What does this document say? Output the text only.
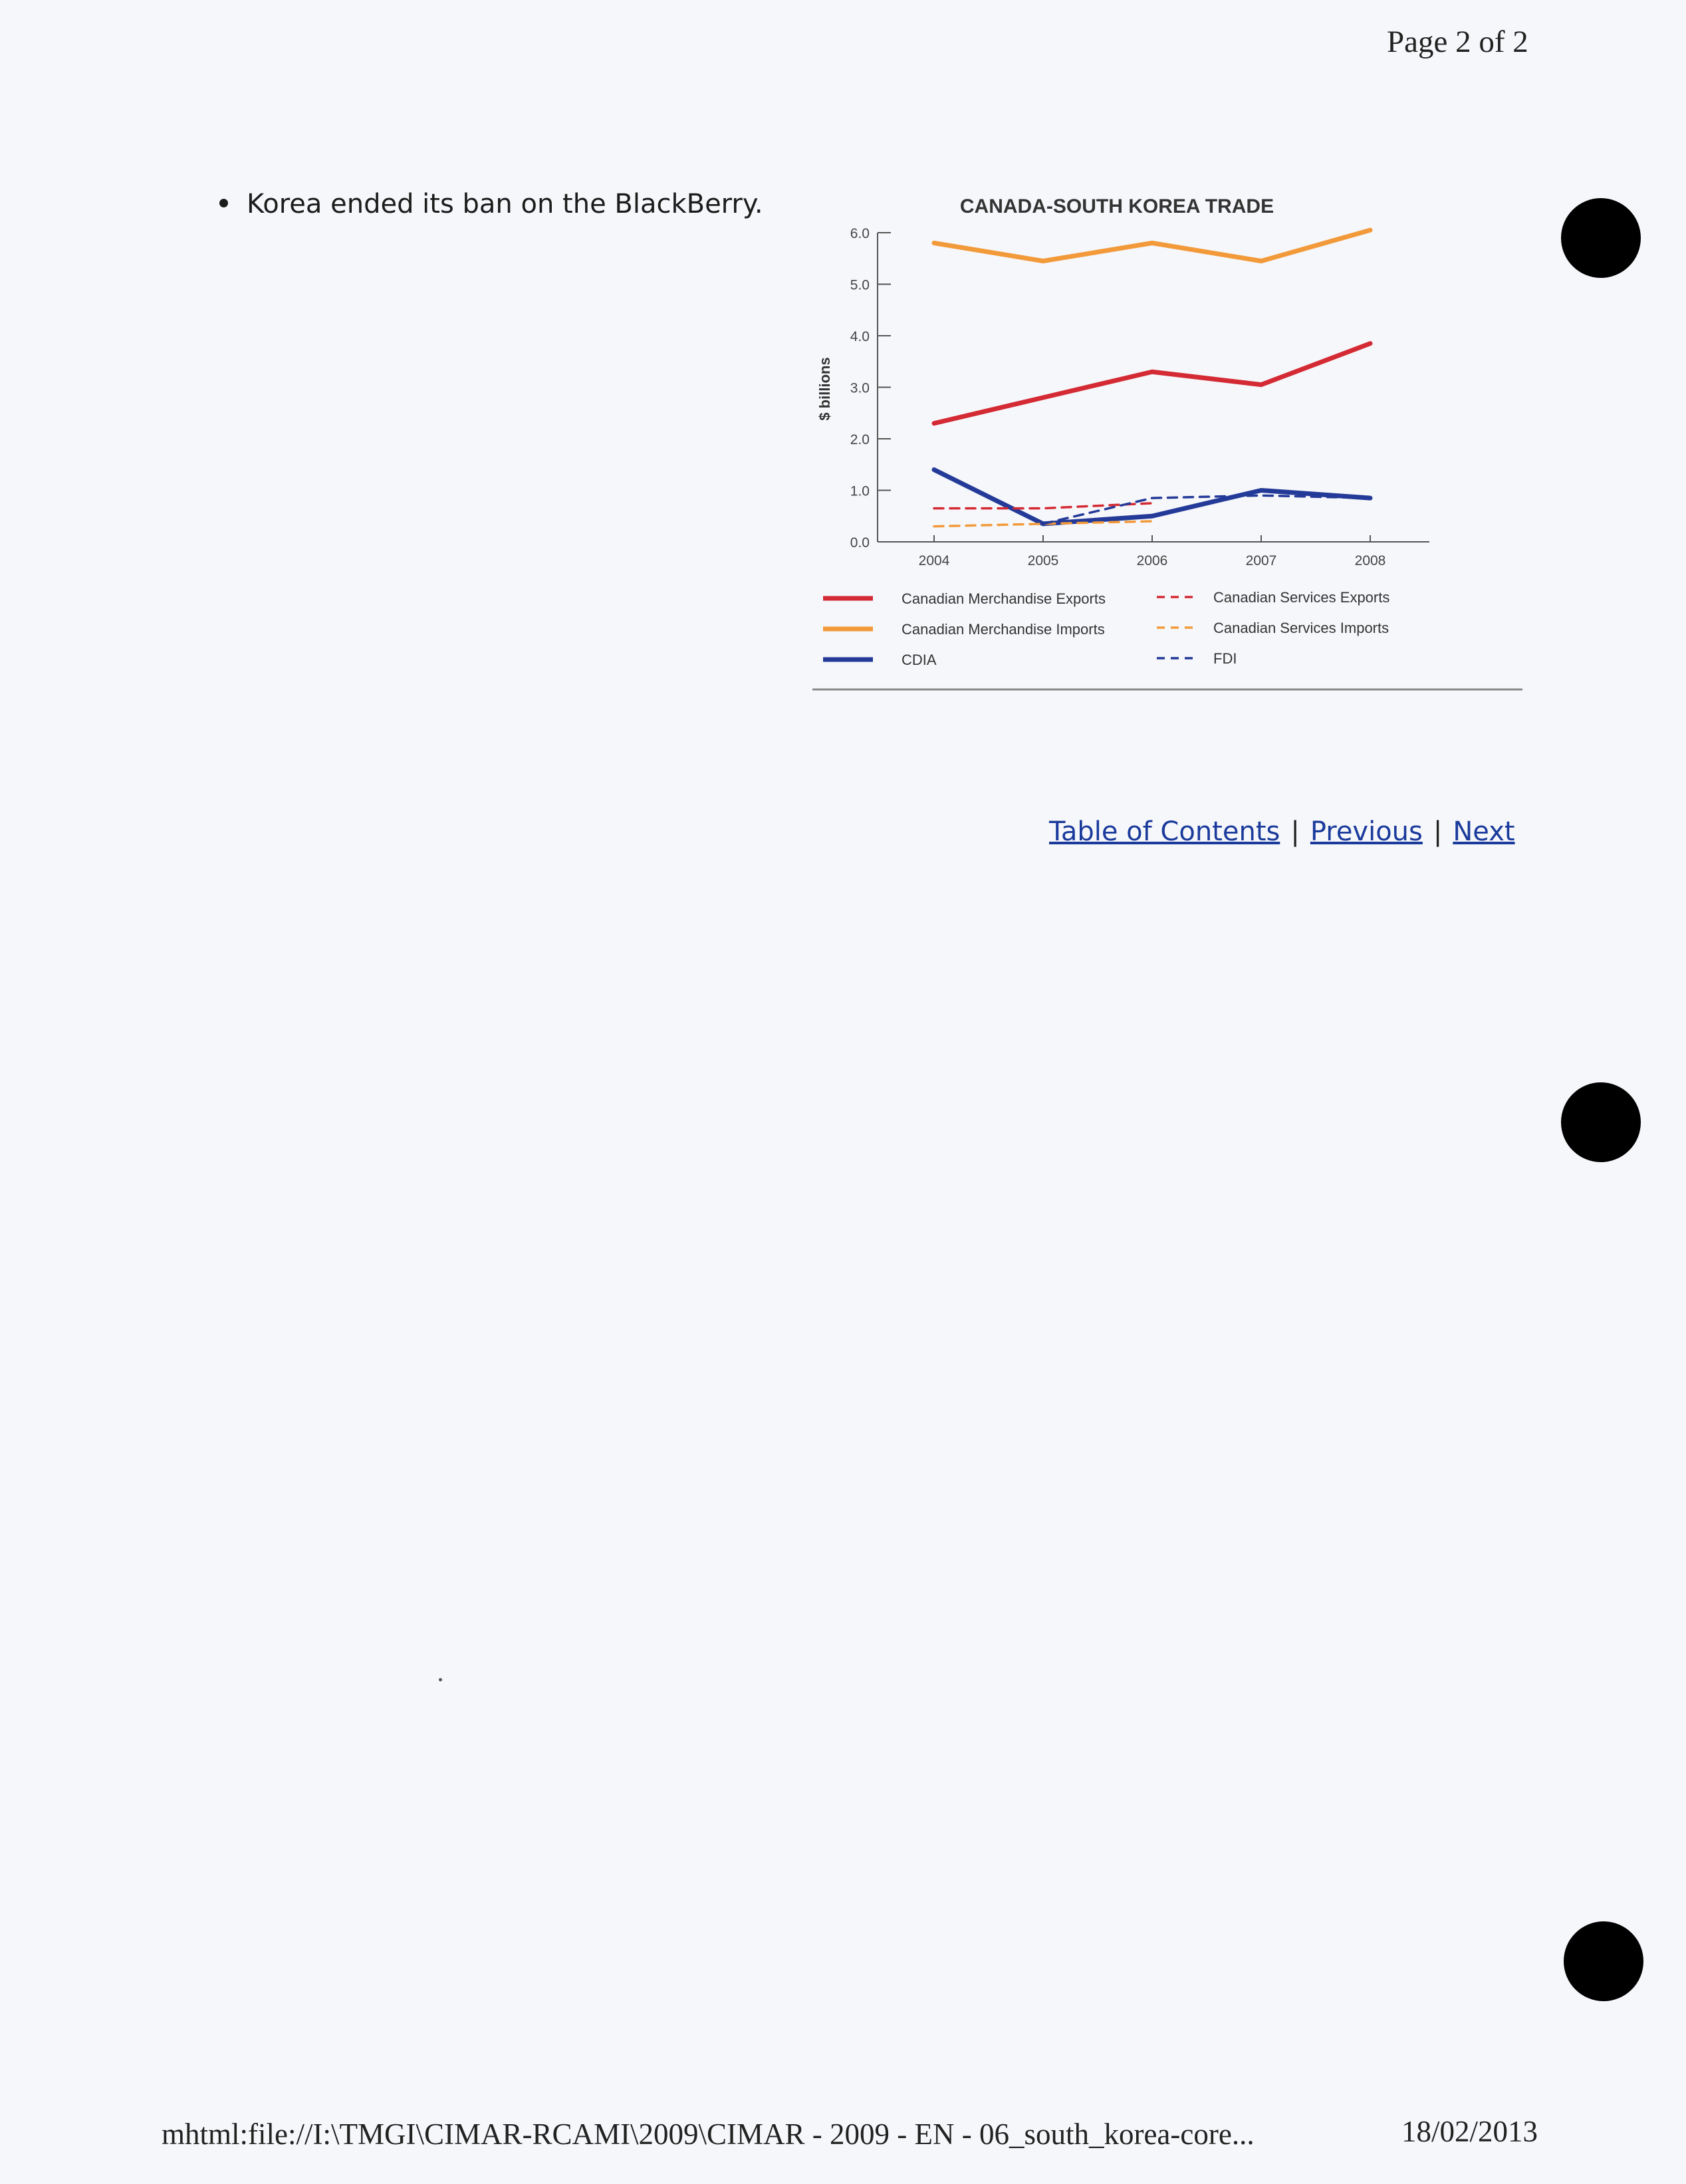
Page 2 of 2
Korea ended its ban on the BlackBerry.	CANADA-SOUTH KOREA TRADE
$ billions
0.0
1.0
2.0
3.0
4.0
5.0
6.0
2004	2005	2006	2007	2008
Canadian Merchandise Exports
Canadian Merchandise Imports
CDIA
Canadian Services Exports
Canadian Services Imports
FDI
Table of Contents | Previous | Next
mhtml:file://I:\TMGI\CIMAR-RCAMI\2009\CIMAR - 2009 - EN - 06_south_korea-core...	18/02/2013
